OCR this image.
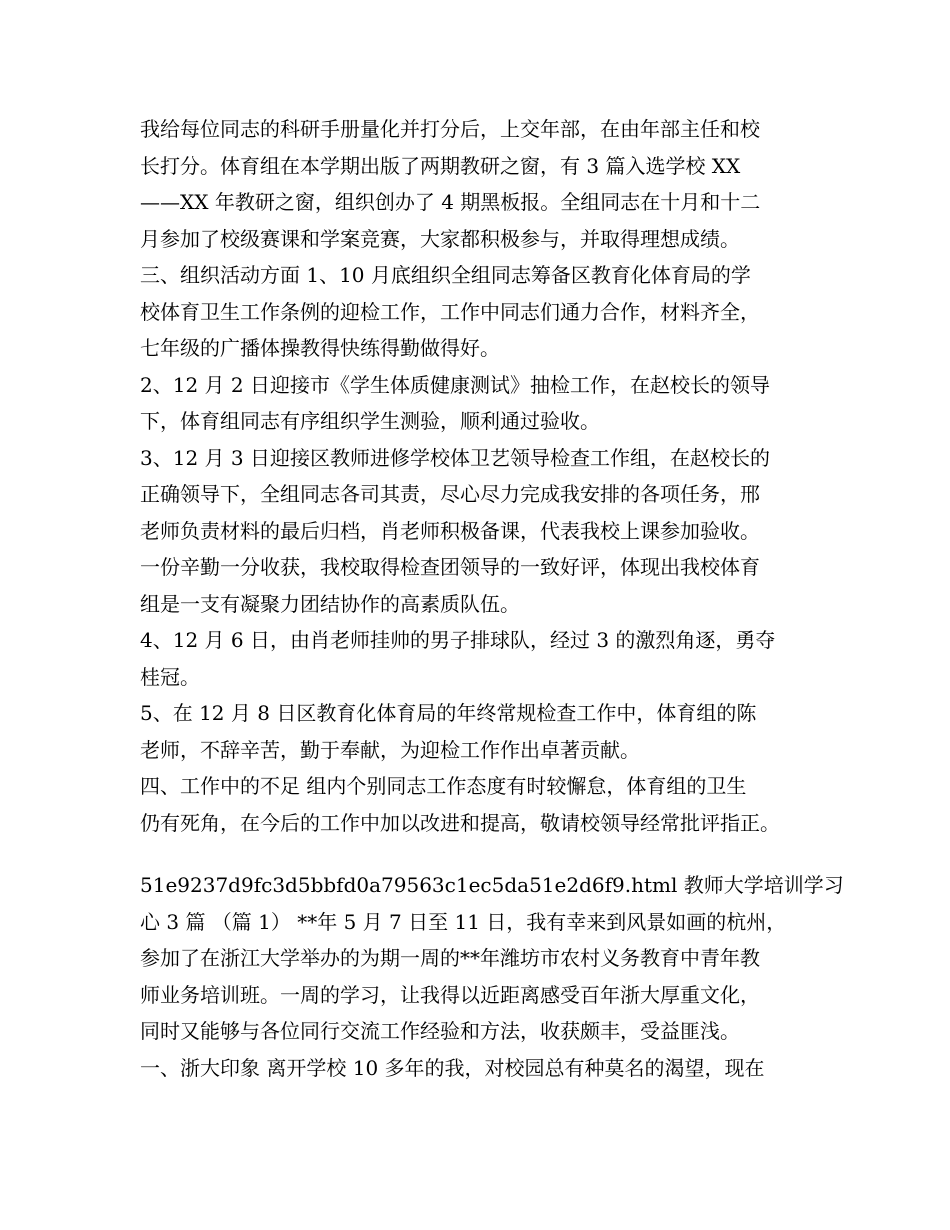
我给每位同志的科研手册量化并打分后，上交年部，在由年部主任和校
长打分。体育组在本学期出版了两期教研之窗，有 3 篇入选学校 XX
——XX 年教研之窗，组织创办了 4 期黑板报。全组同志在十月和十二
月参加了校级赛课和学案竞赛，大家都积极参与，并取得理想成绩。
三、组织活动方面 1、10 月底组织全组同志筹备区教育化体育局的学
校体育卫生工作条例的迎检工作，工作中同志们通力合作，材料齐全，
七年级的广播体操教得快练得勤做得好。
2、12 月 2 日迎接市《学生体质健康测试》抽检工作，在赵校长的领导
下，体育组同志有序组织学生测验，顺利通过验收。
3、12 月 3 日迎接区教师进修学校体卫艺领导检查工作组，在赵校长的
正确领导下，全组同志各司其责，尽心尽力完成我安排的各项任务，邢
老师负责材料的最后归档，肖老师积极备课，代表我校上课参加验收。
一份辛勤一分收获，我校取得检查团领导的一致好评，体现出我校体育
组是一支有凝聚力团结协作的高素质队伍。
4、12 月 6 日，由肖老师挂帅的男子排球队，经过 3 的激烈角逐，勇夺
桂冠。
5、在 12 月 8 日区教育化体育局的年终常规检查工作中，体育组的陈
老师，不辞辛苦，勤于奉献，为迎检工作作出卓著贡献。
四、工作中的不足 组内个别同志工作态度有时较懈怠，体育组的卫生
仍有死角，在今后的工作中加以改进和提高，敬请校领导经常批评指正。
51e9237d9fc3d5bbfd0a79563c1ec5da51e2d6f9.html 教师大学培训学习
心 3 篇 （篇 1） **年 5 月 7 日至 11 日，我有幸来到风景如画的杭州，
参加了在浙江大学举办的为期一周的**年潍坊市农村义务教育中青年教
师业务培训班。一周的学习，让我得以近距离感受百年浙大厚重文化，
同时又能够与各位同行交流工作经验和方法，收获颇丰，受益匪浅。
一、浙大印象 离开学校 10 多年的我，对校园总有种莫名的渴望，现在
